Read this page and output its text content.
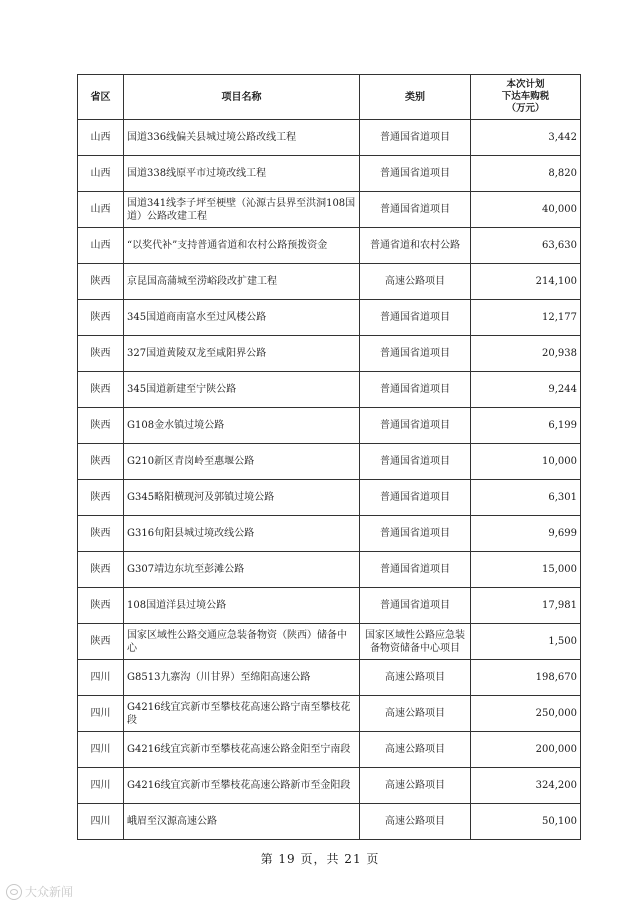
省区	项目名称	类别	本次计划
下达车购税
（万元）

山西	国道336线偏关县城过境公路改线工程	普通国省道项目	3,442
山西	国道338线原平市过境改线工程	普通国省道项目	8,820
山西	国道341线李子坪至梗壁（沁源古县界至洪洞108国道）公路改建工程	普通国省道项目	40,000
山西	“以奖代补”支持普通省道和农村公路预拨资金	普通省道和农村公路	63,630
陕西	京昆国高蒲城至涝峪段改扩建工程	高速公路项目	214,100
陕西	345国道商南富水至过风楼公路	普通国省道项目	12,177
陕西	327国道黄陵双龙至咸阳界公路	普通国省道项目	20,938
陕西	345国道新建至宁陕公路	普通国省道项目	9,244
陕西	G108金水镇过境公路	普通国省道项目	6,199
陕西	G210新区青岗岭至惠堰公路	普通国省道项目	10,000
陕西	G345略阳横现河及郭镇过境公路	普通国省道项目	6,301
陕西	G316旬阳县城过境改线公路	普通国省道项目	9,699
陕西	G307靖边东坑至彭滩公路	普通国省道项目	15,000
陕西	108国道洋县过境公路	普通国省道项目	17,981
陕西	国家区域性公路交通应急装备物资（陕西）储备中心	国家区域性公路应急装备物资储备中心项目	1,500
四川	G8513九寨沟（川甘界）至绵阳高速公路	高速公路项目	198,670
四川	G4216线宜宾新市至攀枝花高速公路宁南至攀枝花段	高速公路项目	250,000
四川	G4216线宜宾新市至攀枝花高速公路金阳至宁南段	高速公路项目	200,000
四川	G4216线宜宾新市至攀枝花高速公路新市至金阳段	高速公路项目	324,200
四川	峨眉至汉源高速公路	高速公路项目	50,100
第 19 页，共 21 页
大众新闻
